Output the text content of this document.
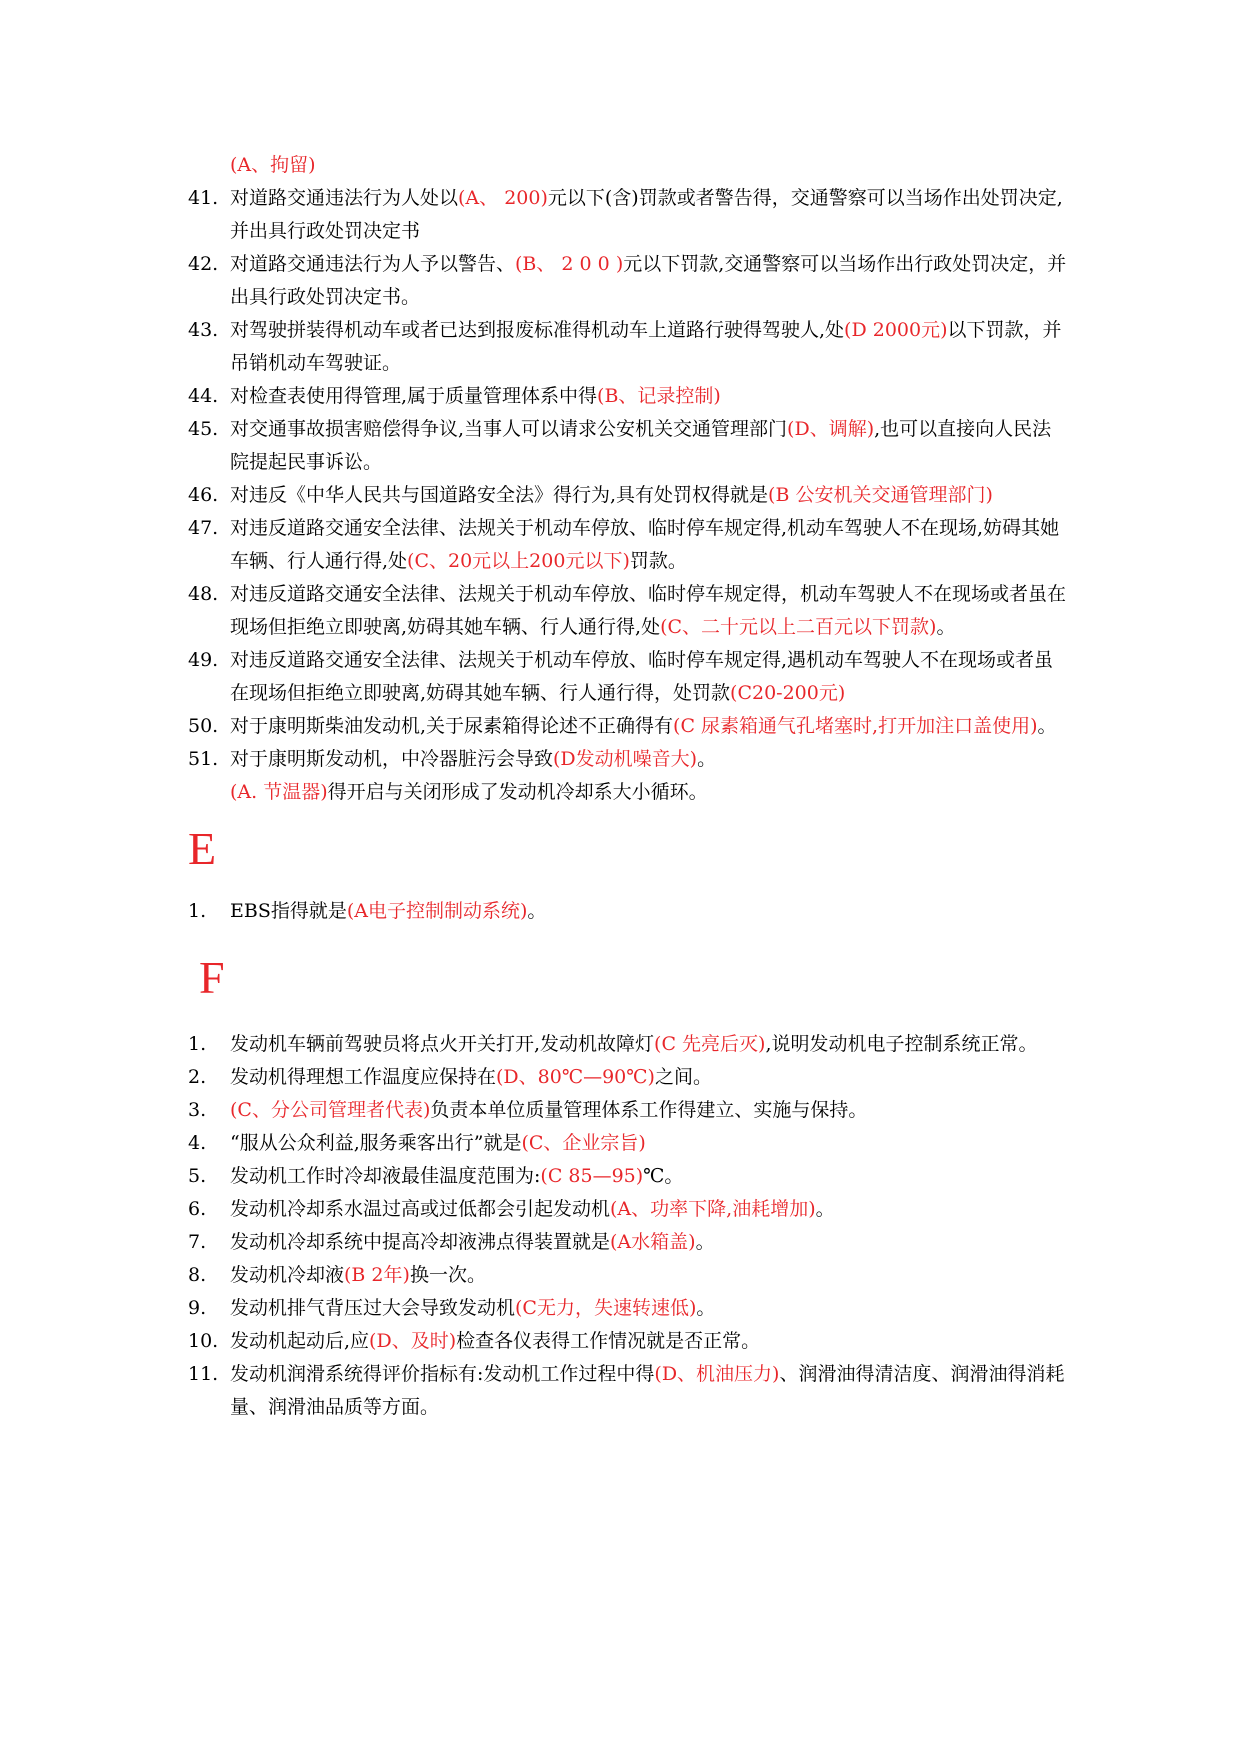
(A、拘留)
41. 对道路交通违法行为人处以(A、 200)元以下(含)罚款或者警告得，交通警察可以当场作出处罚决定,并出具行政处罚决定书
42. 对道路交通违法行为人予以警告、(B、 2 0 0 )元以下罚款,交通警察可以当场作出行政处罚决定，并出具行政处罚决定书。
43. 对驾驶拼装得机动车或者已达到报废标准得机动车上道路行驶得驾驶人,处(D 2000元)以下罚款，并吊销机动车驾驶证。
44. 对检查表使用得管理,属于质量管理体系中得(B、记录控制)
45. 对交通事故损害赔偿得争议,当事人可以请求公安机关交通管理部门(D、调解),也可以直接向人民法院提起民事诉讼。
46. 对违反《中华人民共与国道路安全法》得行为,具有处罚权得就是(B 公安机关交通管理部门)
47. 对违反道路交通安全法律、法规关于机动车停放、临时停车规定得,机动车驾驶人不在现场,妨碍其她车辆、行人通行得,处(C、20元以上200元以下)罚款。
48. 对违反道路交通安全法律、法规关于机动车停放、临时停车规定得，机动车驾驶人不在现场或者虽在现场但拒绝立即驶离,妨碍其她车辆、行人通行得,处(C、二十元以上二百元以下罚款)。
49. 对违反道路交通安全法律、法规关于机动车停放、临时停车规定得,遇机动车驾驶人不在现场或者虽在现场但拒绝立即驶离,妨碍其她车辆、行人通行得，处罚款(C20-200元)
50. 对于康明斯柴油发动机,关于尿素箱得论述不正确得有(C 尿素箱通气孔堵塞时,打开加注口盖使用)。
51. 对于康明斯发动机，中冷器脏污会导致(D发动机噪音大)。
(A. 节温器)得开启与关闭形成了发动机冷却系大小循环。
E
1.	EBS指得就是(A电子控制制动系统)。
F
1.	发动机车辆前驾驶员将点火开关打开,发动机故障灯(C 先亮后灭),说明发动机电子控制系统正常。
2.	发动机得理想工作温度应保持在(D、80℃—90℃)之间。
3.	(C、分公司管理者代表)负责本单位质量管理体系工作得建立、实施与保持。
4.	“服从公众利益,服务乘客出行”就是(C、企业宗旨)
5.	发动机工作时冷却液最佳温度范围为:(C 85—95)℃。
6.	发动机冷却系水温过高或过低都会引起发动机(A、功率下降,油耗增加)。
7.	发动机冷却系统中提高冷却液沸点得装置就是(A水箱盖)。
8.	发动机冷却液(B 2年)换一次。
9.	发动机排气背压过大会导致发动机(C无力，失速转速低)。
10. 发动机起动后,应(D、及时)检查各仪表得工作情况就是否正常。
11. 发动机润滑系统得评价指标有:发动机工作过程中得(D、机油压力)、润滑油得清洁度、润滑油得消耗量、润滑油品质等方面。
